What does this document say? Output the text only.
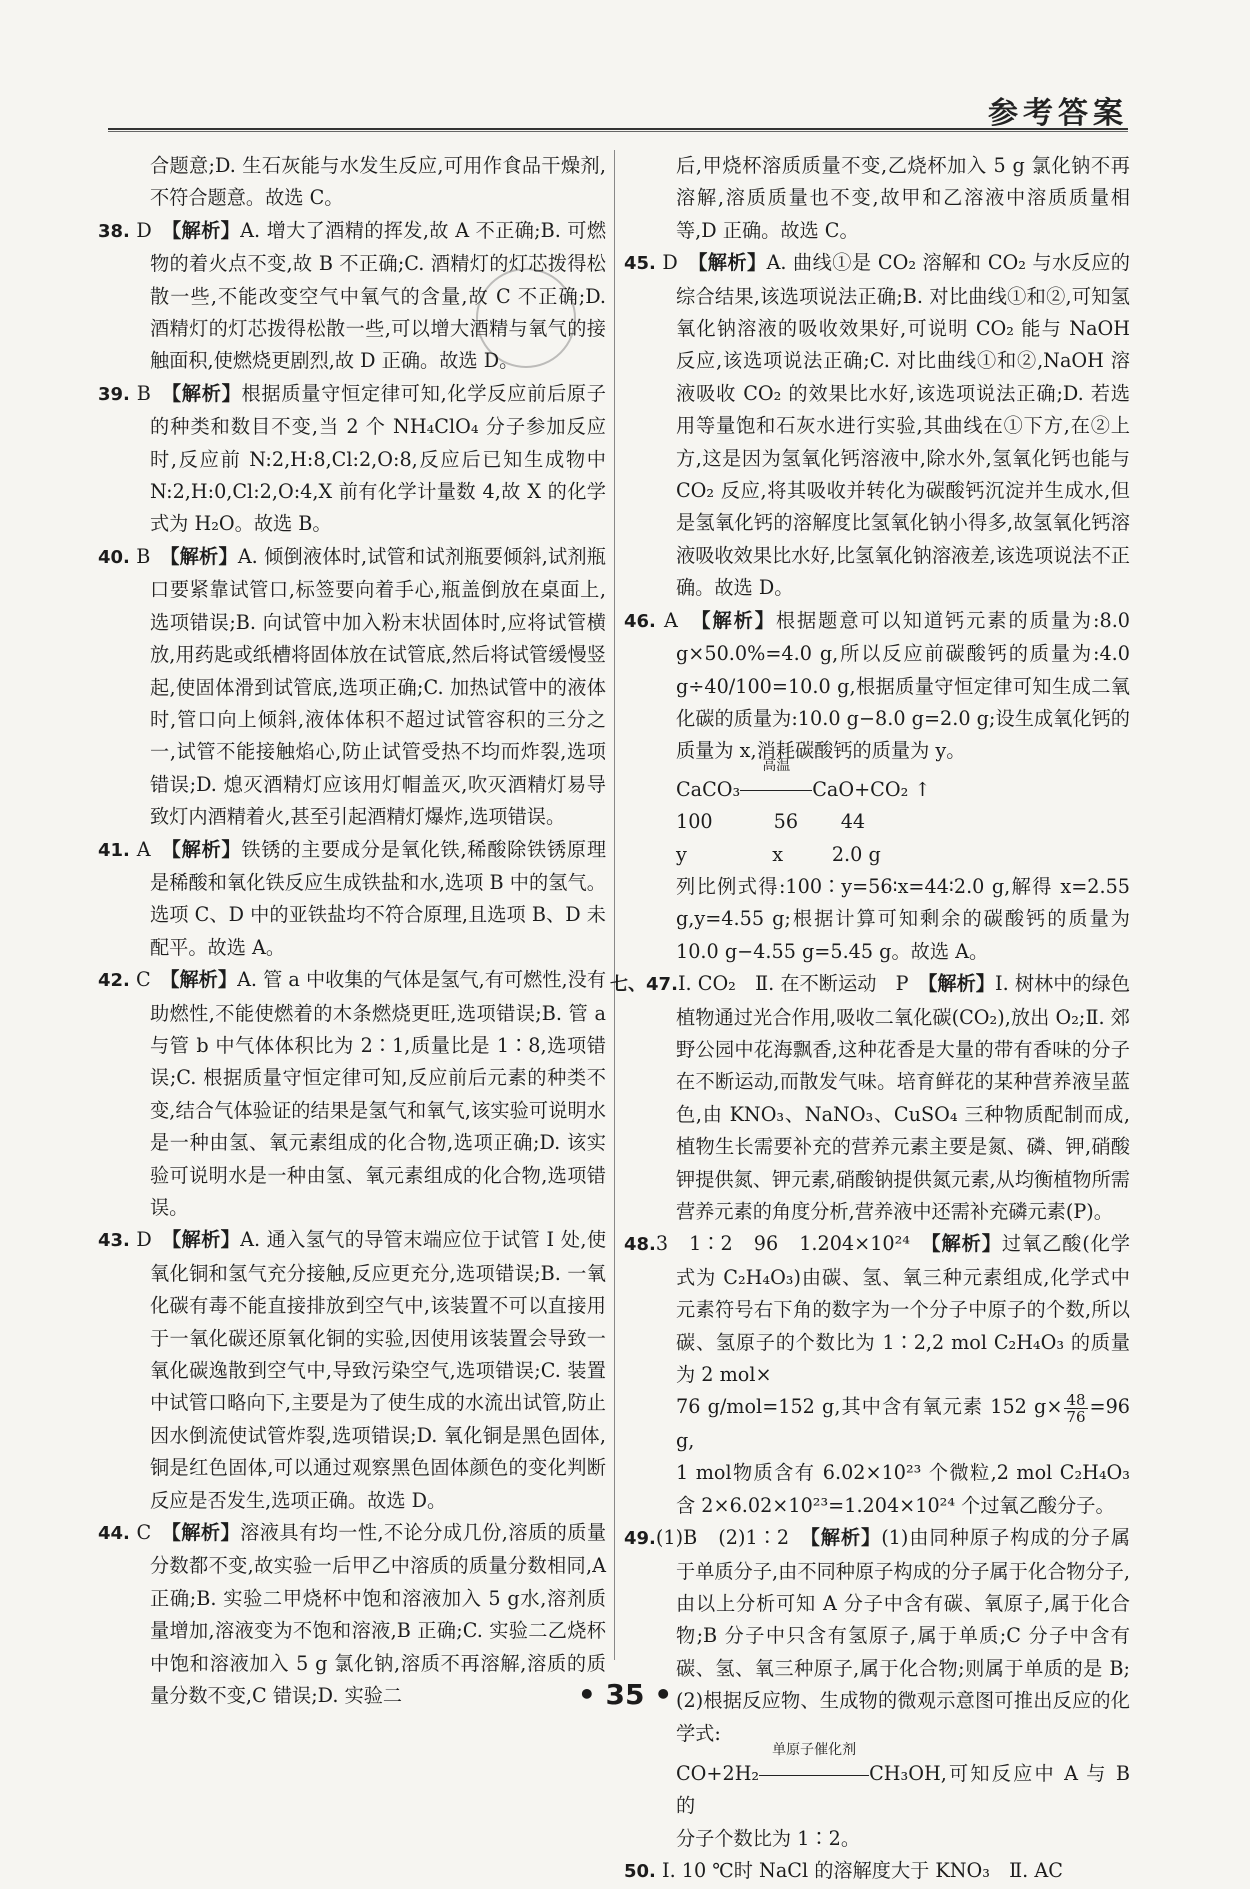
参考答案

合题意;D. 生石灰能与水发生反应,可用作食品干燥剂,不符合题意。故选 C。

38. D　 【解析】A. 增大了酒精的挥发,故 A 不正确;B. 可燃物的着火点不变,故 B 不正确;C. 酒精灯的灯芯拨得松散一些,不能改变空气中氧气的含量,故 C 不正确;D. 酒精灯的灯芯拨得松散一些,可以增大酒精与氧气的接触面积,使燃烧更剧烈,故 D 正确。故选 D。

39. B　 【解析】根据质量守恒定律可知,化学反应前后原子的种类和数目不变,当 2 个 NH₄ClO₄ 分子参加反应时,反应前 N:2,H:8,Cl:2,O:8,反应后已知生成物中 N:2,H:0,Cl:2,O:4,X 前有化学计量数 4,故 X 的化学式为 H₂O。故选 B。

40. B　 【解析】A. 倾倒液体时,试管和试剂瓶要倾斜,试剂瓶口要紧靠试管口,标签要向着手心,瓶盖倒放在桌面上,选项错误;B. 向试管中加入粉末状固体时,应将试管横放,用药匙或纸槽将固体放在试管底,然后将试管缓慢竖起,使固体滑到试管底,选项正确;C. 加热试管中的液体时,管口向上倾斜,液体体积不超过试管容积的三分之一,试管不能接触焰心,防止试管受热不均而炸裂,选项错误;D. 熄灭酒精灯应该用灯帽盖灭,吹灭酒精灯易导致灯内酒精着火,甚至引起酒精灯爆炸,选项错误。

41. A　 【解析】铁锈的主要成分是氧化铁,稀酸除铁锈原理是稀酸和氧化铁反应生成铁盐和水,选项 B 中的氢气。选项 C、D 中的亚铁盐均不符合原理,且选项 B、D 未配平。故选 A。

42. C　 【解析】A. 管 a 中收集的气体是氢气,有可燃性,没有助燃性,不能使燃着的木条燃烧更旺,选项错误;B. 管 a 与管 b 中气体体积比为 2∶1,质量比是 1∶8,选项错误;C. 根据质量守恒定律可知,反应前后元素的种类不变,结合气体验证的结果是氢气和氧气,该实验可说明水是一种由氢、氧元素组成的化合物,选项正确;D. 该实验可说明水是一种由氢、氧元素组成的化合物,选项错误。

43. D　 【解析】A. 通入氢气的导管末端应位于试管 Ⅰ 处,使氧化铜和氢气充分接触,反应更充分,选项错误;B. 一氧化碳有毒不能直接排放到空气中,该装置不可以直接用于一氧化碳还原氧化铜的实验,因使用该装置会导致一氧化碳逸散到空气中,导致污染空气,选项错误;C. 装置中试管口略向下,主要是为了使生成的水流出试管,防止因水倒流使试管炸裂,选项错误;D. 氧化铜是黑色固体,铜是红色固体,可以通过观察黑色固体颜色的变化判断反应是否发生,选项正确。故选 D。

44. C　 【解析】溶液具有均一性,不论分成几份,溶质的质量分数都不变,故实验一后甲乙中溶质的质量分数相同,A 正确;B. 实验二甲烧杯中饱和溶液加入 5 g水,溶剂质量增加,溶液变为不饱和溶液,B 正确;C. 实验二乙烧杯中饱和溶液加入 5 g 氯化钠,溶质不再溶解,溶质的质量分数不变,C 错误;D. 实验二

后,甲烧杯溶质质量不变,乙烧杯加入 5 g 氯化钠不再溶解,溶质质量也不变,故甲和乙溶液中溶质质量相等,D 正确。故选 C。

45. D　 【解析】A. 曲线①是 CO₂ 溶解和 CO₂ 与水反应的综合结果,该选项说法正确;B. 对比曲线①和②,可知氢氧化钠溶液的吸收效果好,可说明 CO₂ 能与 NaOH 反应,该选项说法正确;C. 对比曲线①和②,NaOH 溶液吸收 CO₂ 的效果比水好,该选项说法正确;D. 若选用等量饱和石灰水进行实验,其曲线在①下方,在②上方,这是因为氢氧化钙溶液中,除水外,氢氧化钙也能与 CO₂ 反应,将其吸收并转化为碳酸钙沉淀并生成水,但是氢氧化钙的溶解度比氢氧化钠小得多,故氢氧化钙溶液吸收效果比水好,比氢氧化钠溶液差,该选项说法不正确。故选 D。

46. A　 【解析】根据题意可以知道钙元素的质量为:8.0 g×50.0%=4.0 g,所以反应前碳酸钙的质量为:4.0 g÷40/100=10.0 g,根据质量守恒定律可知生成二氧化碳的质量为:10.0 g−8.0 g=2.0 g;设生成氧化钙的质量为 x,消耗碳酸钙的质量为 y。

CaCO₃
高温
CaO+CO₂ ↑
100          56       44
y              x        2.0 g

列比例式得:100∶y=56∶x=44∶2.0 g,解得 x=2.55 g,y=4.55 g;根据计算可知剩余的碳酸钙的质量为 10.0 g−4.55 g=5.45 g。故选 A。

七、47.Ⅰ. CO₂　Ⅱ. 在不断运动　P　 【解析】Ⅰ. 树林中的绿色植物通过光合作用,吸收二氧化碳(CO₂),放出 O₂;Ⅱ. 郊野公园中花海飘香,这种花香是大量的带有香味的分子在不断运动,而散发气味。培育鲜花的某种营养液呈蓝色,由 KNO₃、NaNO₃、CuSO₄ 三种物质配制而成,植物生长需要补充的营养元素主要是氮、磷、钾,硝酸钾提供氮、钾元素,硝酸钠提供氮元素,从均衡植物所需营养元素的角度分析,营养液中还需补充磷元素(P)。

48.3　1∶2　96　1.204×10²⁴　 【解析】过氧乙酸(化学式为 C₂H₄O₃)由碳、氢、氧三种元素组成,化学式中元素符号右下角的数字为一个分子中原子的个数,所以碳、氢原子的个数比为 1∶2,2 mol C₂H₄O₃ 的质量为 2 mol×

76 g/mol=152 g,其中含有氧元素 152 $g\times \frac{48}{76} =96$ g,

1 mol物质含有 6.02×10²³ 个微粒,2 mol C₂H₄O₃ 含 2×6.02×10²³=1.204×10²⁴ 个过氧乙酸分子。

49.(1)B　(2)1∶2　 【解析】(1)由同种原子构成的分子属于单质分子,由不同种原子构成的分子属于化合物分子,由以上分析可知 A 分子中含有碳、氧原子,属于化合物;B 分子中只含有氢原子,属于单质;C 分子中含有碳、氢、氧三种原子,属于化合物;则属于单质的是 B;(2)根据反应物、生成物的微观示意图可推出反应的化学式:

CO+2H₂
单原子催化剂
CH₃OH,可知反应中 A 与 B 的

分子个数比为 1∶2。

50. Ⅰ. 10 ℃时 NaCl 的溶解度大于 KNO₃　Ⅱ. AC

• 35 •
